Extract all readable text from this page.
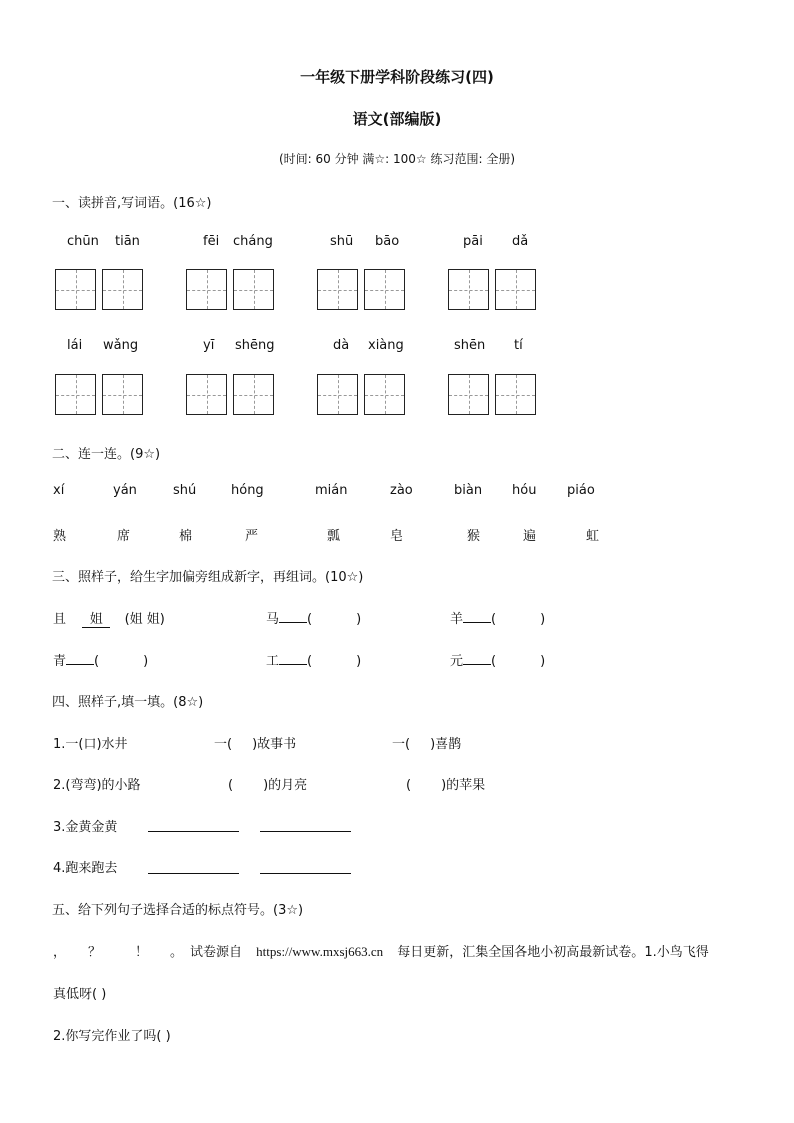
一年级下册学科阶段练习(四)
语文(部编版)
(时间: 60 分钟 满☆: 100☆ 练习范围: 全册)
一、读拼音,写词语。(16☆)
chūn tiān	fēi cháng	shū bāo	pāi dǎ
lái wǎng	yī shēng	dà xiàng	shēn tí
二、连一连。(9☆)
xí	yán	shú	hóng	mián	zào	biàn hóu piáo
熟	席	棉	严	瓢	皂	猴	遍	虹
三、照样子，给生字加偏旁组成新字，再组词。(10☆)
且 姐 (姐 姐)	马 (	)	羊 (	)
青 (	)	工 (	)	元 (	)
四、照样子,填一填。(8☆)
1.一(口)水井	一( )故事书	一( )喜鹊
2.(弯弯)的小路	( )的月亮	( )的苹果
3.金黄金黄
4.跑来跑去
五、给下列句子选择合适的标点符号。(3☆)
， ？	！ 。 试卷源自 https://www.mxsj663.cn 每日更新，汇集全国各地小初高最新试卷。1.小鸟飞得
真低呀( )
2.你写完作业了吗( )
